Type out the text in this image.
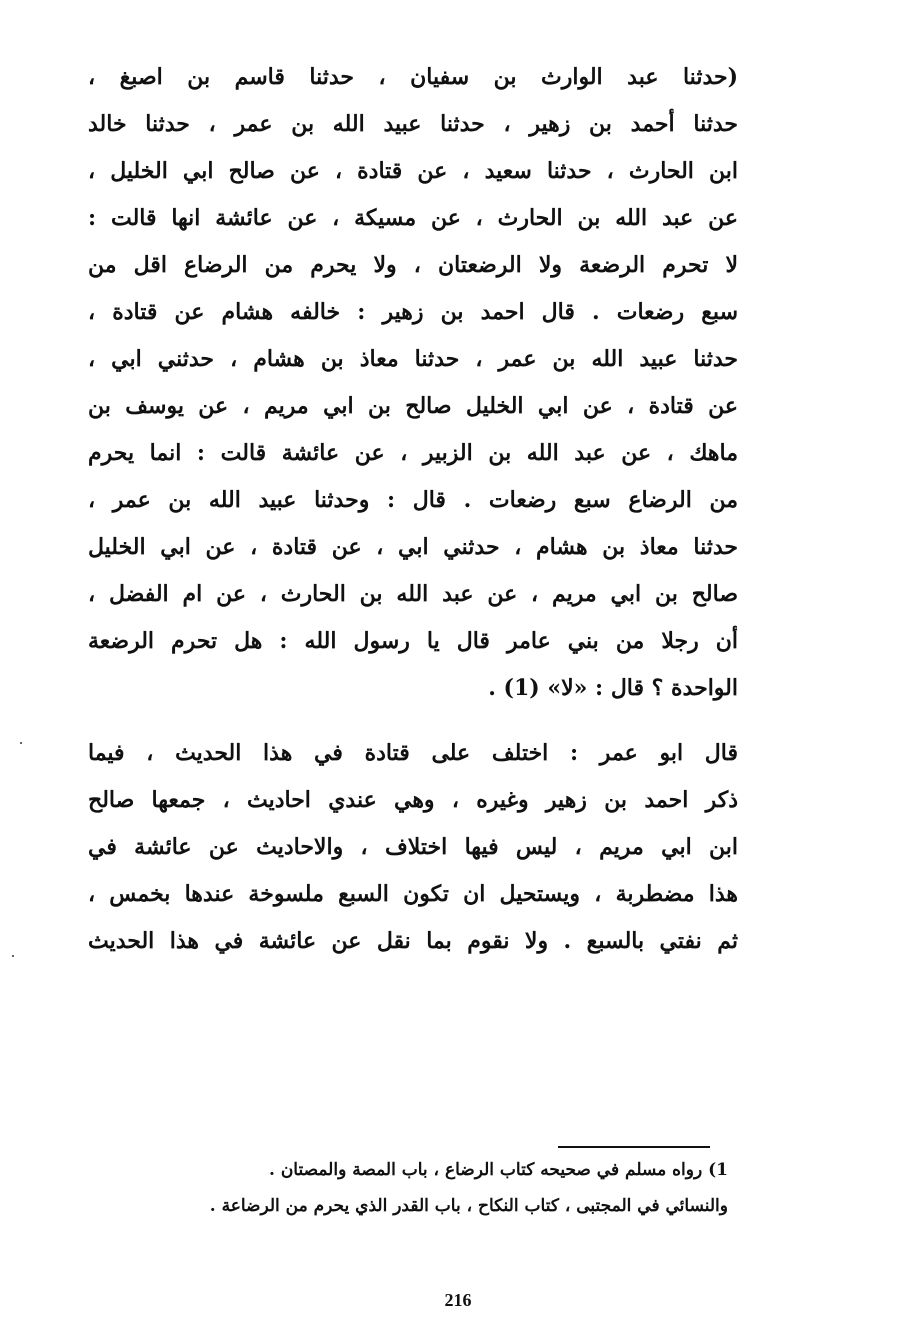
(حدثنا عبد الوارث بن سفيان ، حدثنا قاسم بن اصبغ ،
حدثنا أحمد بن زهير ، حدثنا عبيد الله بن عمر ، حدثنا خالد
ابن الحارث ، حدثنا سعيد ، عن قتادة ، عن صالح ابي الخليل ،
عن عبد الله بن الحارث ، عن مسيكة ، عن عائشة انها قالت :
لا تحرم الرضعة ولا الرضعتان ، ولا يحرم من الرضاع اقل من
سبع رضعات . قال احمد بن زهير : خالفه هشام عن قتادة ،
حدثنا عبيد الله بن عمر ، حدثنا معاذ بن هشام ، حدثني ابي ،
عن قتادة ، عن ابي الخليل صالح بن ابي مريم ، عن يوسف بن
ماهك ، عن عبد الله بن الزبير ، عن عائشة قالت : انما يحرم
من الرضاع سبع رضعات . قال : وحدثنا عبيد الله بن عمر ،
حدثنا معاذ بن هشام ، حدثني ابي ، عن قتادة ، عن ابي الخليل
صالح بن ابي مريم ، عن عبد الله بن الحارث ، عن ام الفضل ،
أن رجلا من بني عامر قال يا رسول الله : هل تحرم الرضعة
الواحدة ؟ قال : «لا» (1) .
قال ابو عمر : اختلف على قتادة في هذا الحديث ، فيما
ذكر احمد بن زهير وغيره ، وهي عندي احاديث ، جمعها صالح
ابن ابي مريم ، ليس فيها اختلاف ، والاحاديث عن عائشة في
هذا مضطربة ، ويستحيل ان تكون السبع ملسوخة عندها بخمس ،
ثم نفتي بالسبع . ولا نقوم بما نقل عن عائشة في هذا الحديث
1) رواه مسلم في صحيحه كتاب الرضاع ، باب المصة والمصتان .
والنسائي في المجتبى ، كتاب النكاح ، باب القدر الذي يحرم من الرضاعة .
216
